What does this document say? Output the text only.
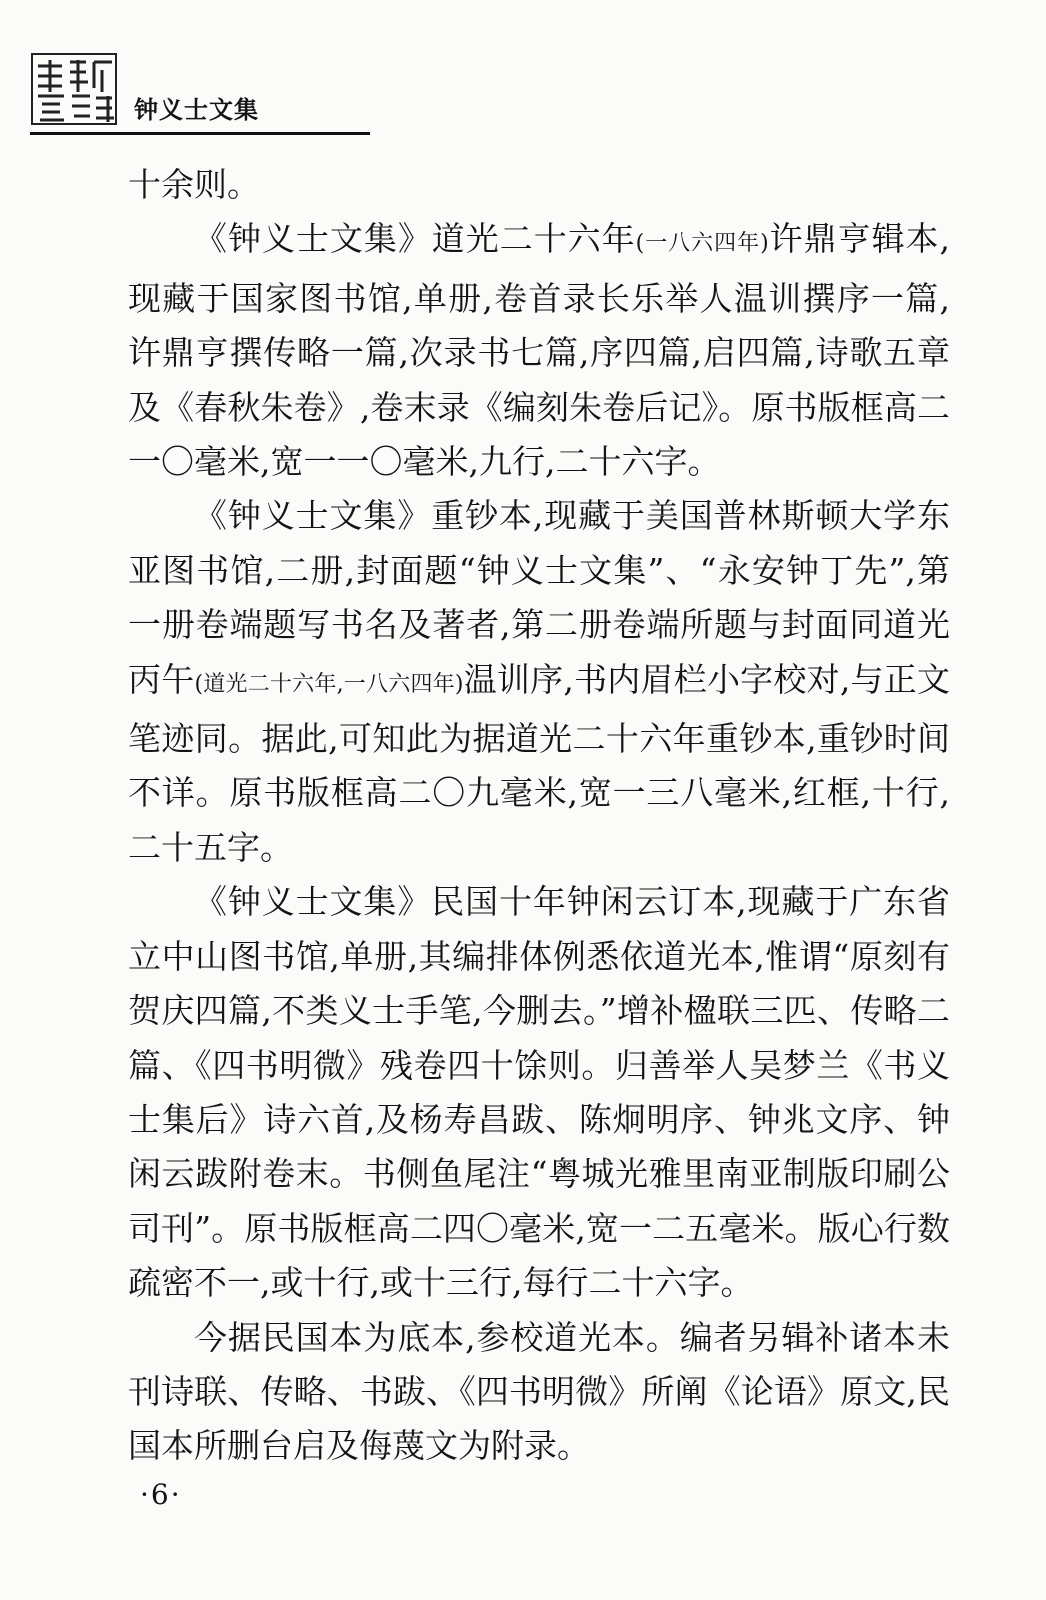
钟义士文集

十余则。

《钟义士文集》道光二十六年(一八六四年)许鼎亨辑本,现藏于国家图书馆,单册,卷首录长乐举人温训撰序一篇,许鼎亨撰传略一篇,次录书七篇,序四篇,启四篇,诗歌五章及《春秋朱卷》,卷末录《编刻朱卷后记》。原书版框高二一〇毫米,宽一一〇毫米,九行,二十六字。

《钟义士文集》重钞本,现藏于美国普林斯顿大学东亚图书馆,二册,封面题“钟义士文集”、“永安钟丁先”,第一册卷端题写书名及著者,第二册卷端所题与封面同道光丙午(道光二十六年,一八六四年)温训序,书内眉栏小字校对,与正文笔迹同。据此,可知此为据道光二十六年重钞本,重钞时间不详。原书版框高二〇九毫米,宽一三八毫米,红框,十行,二十五字。

《钟义士文集》民国十年钟闲云订本,现藏于广东省立中山图书馆,单册,其编排体例悉依道光本,惟谓“原刻有贺庆四篇,不类义士手笔,今删去。”增补楹联三匹、传略二篇、《四书明微》残卷四十馀则。归善举人吴梦兰《书义士集后》诗六首,及杨寿昌跋、陈炯明序、钟兆文序、钟闲云跋附卷末。书侧鱼尾注“粤城光雅里南亚制版印刷公司刊”。原书版框高二四〇毫米,宽一二五毫米。版心行数疏密不一,或十行,或十三行,每行二十六字。

今据民国本为底本,参校道光本。编者另辑补诸本未刊诗联、传略、书跋、《四书明微》所阐《论语》原文,民国本所删台启及侮蔑文为附录。

·6·
